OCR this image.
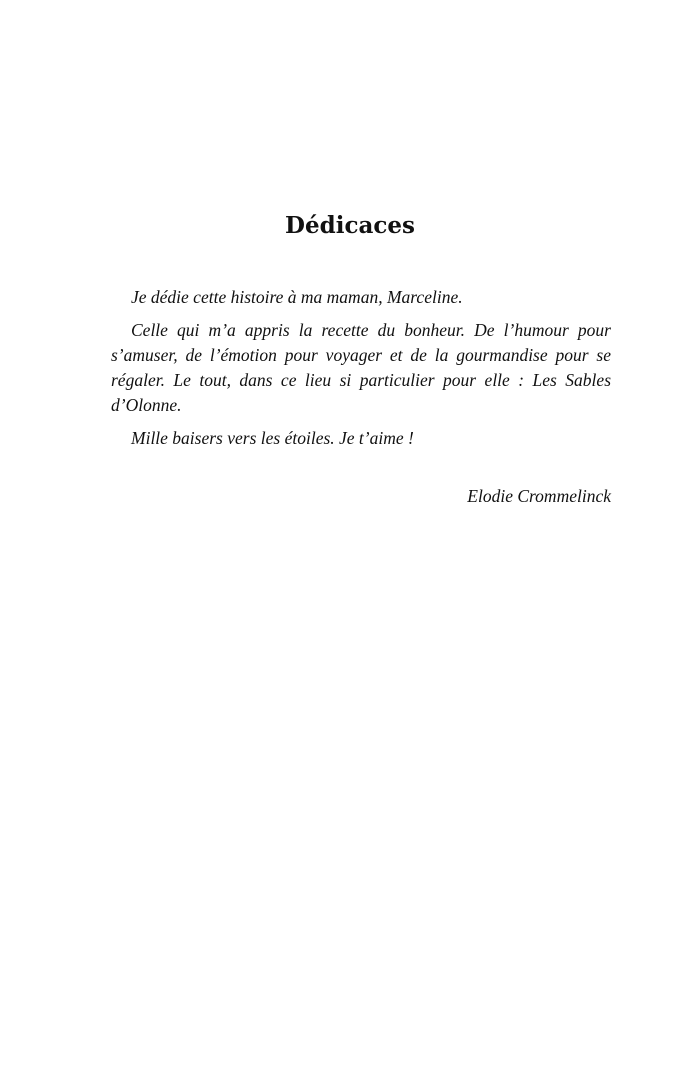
Dédicaces

Je dédie cette histoire à ma maman, Marceline.

Celle qui m’a appris la recette du bonheur. De l’humour pour s’amuser, de l’émotion pour voyager et de la gourmandise pour se régaler. Le tout, dans ce lieu si particulier pour elle : Les Sables d’Olonne.

Mille baisers vers les étoiles. Je t’aime !

Elodie Crommelinck
